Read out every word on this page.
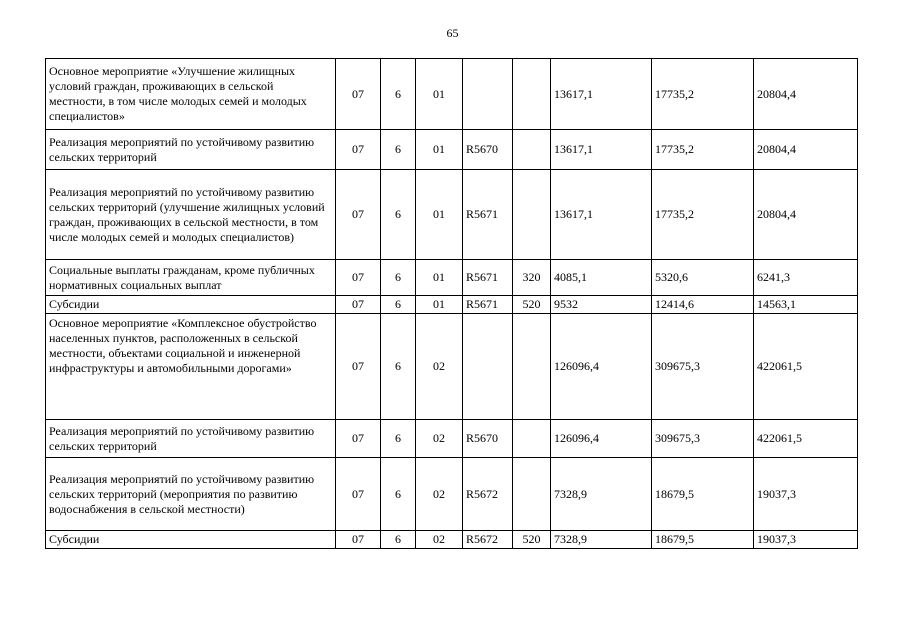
65
Основное мероприятие «Улучшение жилищных условий граждан, проживающих в сельской местности, в том числе молодых семей и молодых специалистов»	07	6	01			13617,1	17735,2	20804,4
Реализация мероприятий по устойчивому развитию сельских территорий	07	6	01	R5670		13617,1	17735,2	20804,4
Реализация мероприятий по устойчивому развитию сельских территорий (улучшение жилищных условий граждан, проживающих в сельской местности, в том числе молодых семей и молодых специалистов)	07	6	01	R5671		13617,1	17735,2	20804,4
Социальные выплаты гражданам, кроме публичных нормативных социальных выплат	07	6	01	R5671	320	4085,1	5320,6	6241,3
Субсидии	07	6	01	R5671	520	9532	12414,6	14563,1
Основное мероприятие «Комплексное обустройство населенных пунктов, расположенных в сельской местности, объектами социальной и инженерной инфраструктуры и автомобильными дорогами»	07	6	02			126096,4	309675,3	422061,5
Реализация мероприятий по устойчивому развитию сельских территорий	07	6	02	R5670		126096,4	309675,3	422061,5
Реализация мероприятий по устойчивому развитию сельских территорий (мероприятия по развитию водоснабжения в сельской местности)	07	6	02	R5672		7328,9	18679,5	19037,3
Субсидии	07	6	02	R5672	520	7328,9	18679,5	19037,3
